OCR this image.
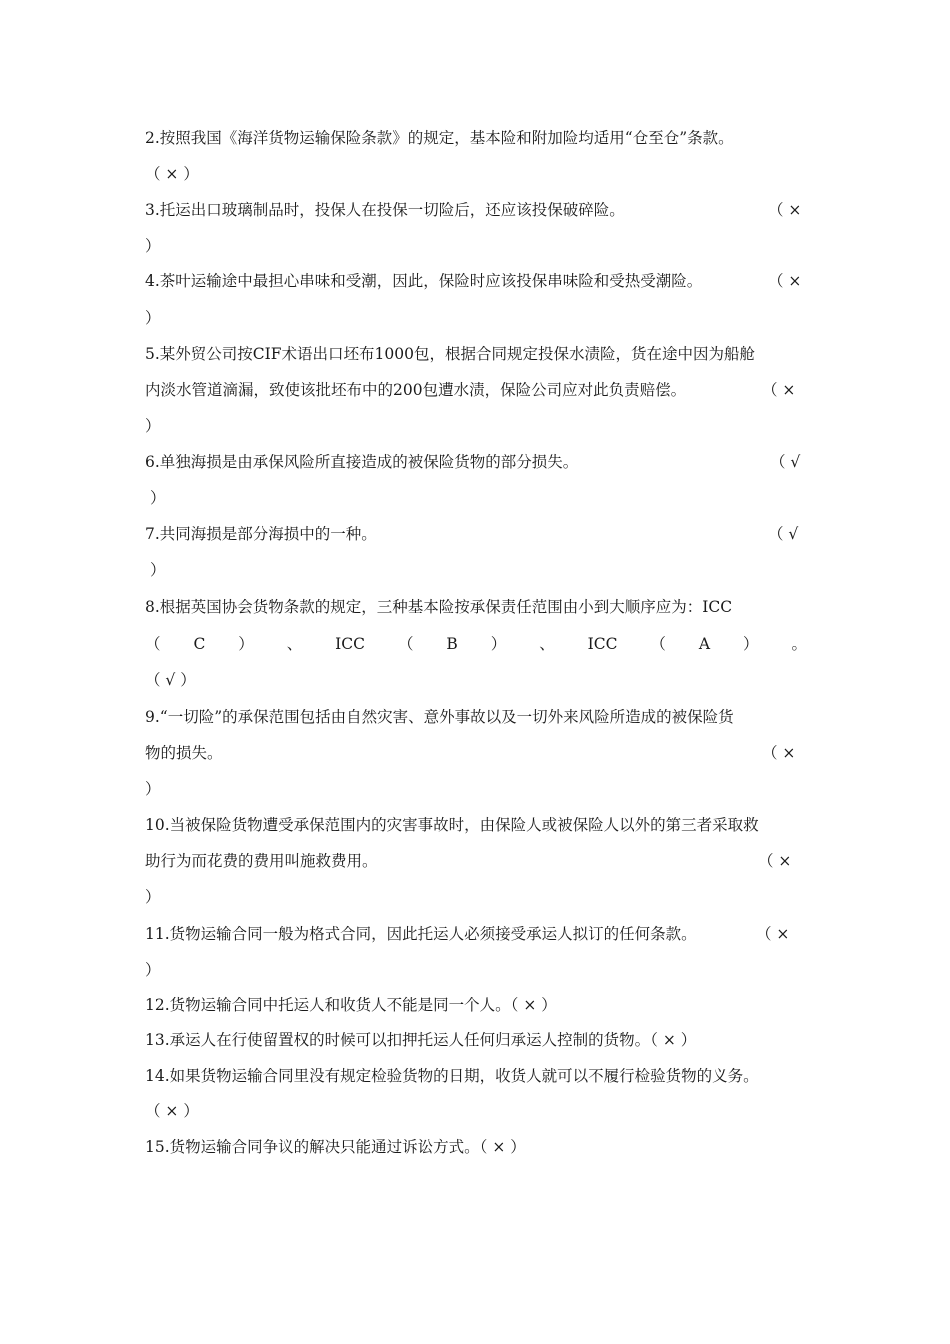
2.按照我国《海洋货物运输保险条款》的规定，基本险和附加险均适用“仓至仓”条款。
（ × ）
3.托运出口玻璃制品时，投保人在投保一切险后，还应该投保破碎险。	（ ×
）
4.茶叶运输途中最担心串味和受潮，因此，保险时应该投保串味险和受热受潮险。	（ ×
）
5.某外贸公司按CIF术语出口坯布1000包，根据合同规定投保水渍险，货在途中因为船舱
内淡水管道滴漏，致使该批坯布中的200包遭水渍，保险公司应对此负责赔偿。	（ ×
）
6.单独海损是由承保风险所直接造成的被保险货物的部分损失。	（ √
）
7.共同海损是部分海损中的一种。	（ √
）
8.根据英国协会货物条款的规定，三种基本险按承保责任范围由小到大顺序应为：ICC
（ C ） 、 ICC （ B ） 、 ICC （ A ） 。
（ √ ）
9.“一切险”的承保范围包括由自然灾害、意外事故以及一切外来风险所造成的被保险货
物的损失。	（ ×
）
10.当被保险货物遭受承保范围内的灾害事故时，由保险人或被保险人以外的第三者采取救
助行为而花费的费用叫施救费用。	（ ×
）
11.货物运输合同一般为格式合同，因此托运人必须接受承运人拟订的任何条款。	（ ×
）
12.货物运输合同中托运人和收货人不能是同一个人。（ × ）
13.承运人在行使留置权的时候可以扣押托运人任何归承运人控制的货物。（ × ）
14.如果货物运输合同里没有规定检验货物的日期，收货人就可以不履行检验货物的义务。
（ × ）
15.货物运输合同争议的解决只能通过诉讼方式。（ × ）
